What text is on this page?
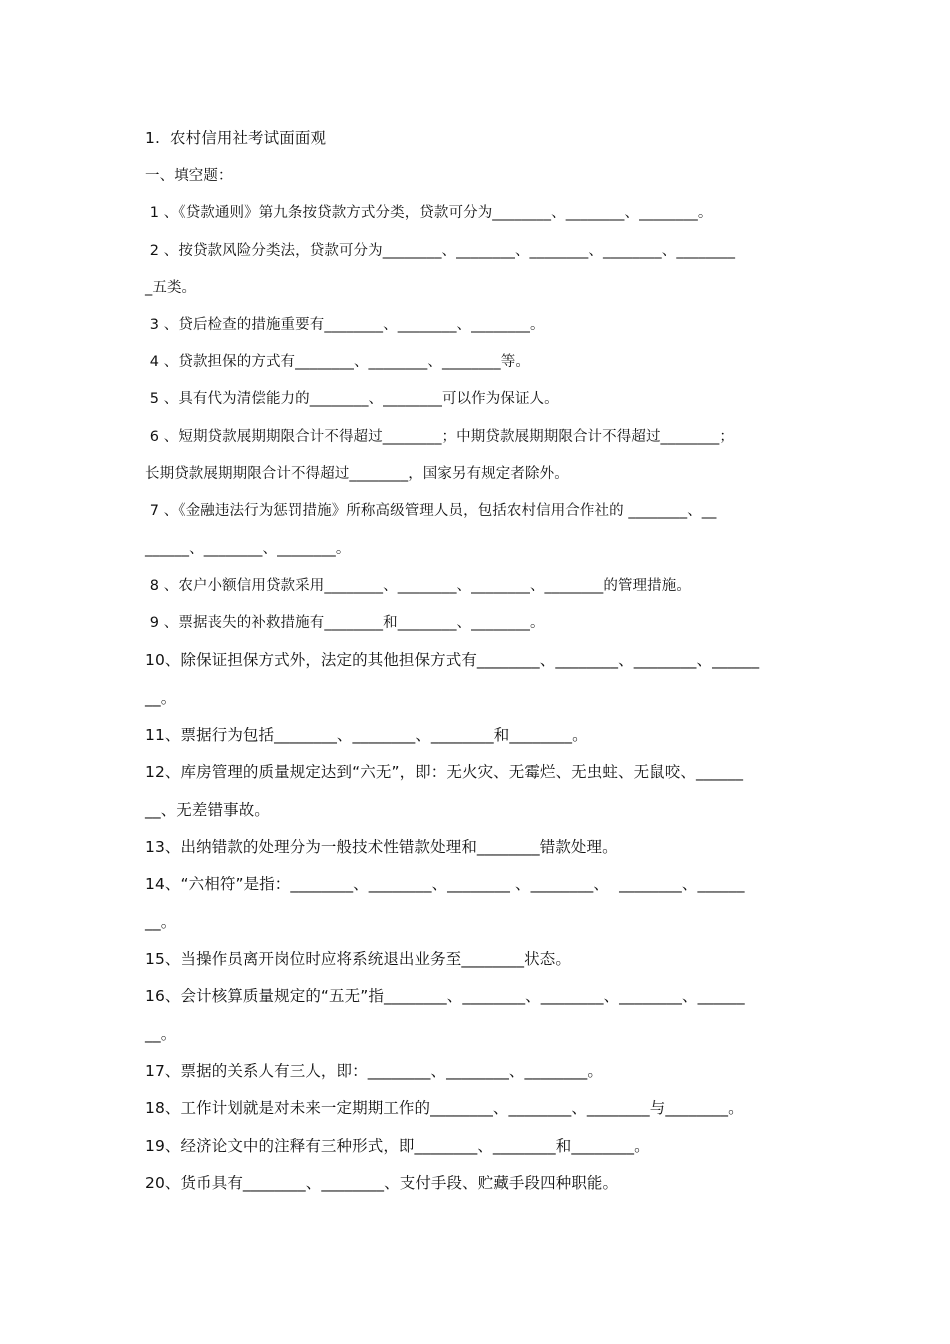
1.  农村信用社考试面面观
一、填空题：
1 、《贷款通则》第九条按贷款方式分类，贷款可分为________、________、________。
2 、按贷款风险分类法，贷款可分为________、________、________、________、________
_五类。
3 、贷后检查的措施重要有________、________、________。
4 、贷款担保的方式有________、________、________等。
5 、具有代为清偿能力的________、________可以作为保证人。
6 、短期贷款展期期限合计不得超过________；中期贷款展期期限合计不得超过________；
长期贷款展期期限合计不得超过________，国家另有规定者除外。
7 、《金融违法行为惩罚措施》所称高级管理人员，包括农村信用合作社的 ________、__
______、________、________。
8 、农户小额信用贷款采用________、________、________、________的管理措施。
9 、票据丧失的补救措施有________和________、________。
10、除保证担保方式外，法定的其他担保方式有________、________、________、______
__。
11、票据行为包括________、________、________和________。
12、库房管理的质量规定达到“六无”，即：无火灾、无霉烂、无虫蛀、无鼠咬、______
__、无差错事故。
13、出纳错款的处理分为一般技术性错款处理和________错款处理。
14、“六相符”是指：________、________、________ 、________、  ________、______
__。
15、当操作员离开岗位时应将系统退出业务至________状态。
16、会计核算质量规定的“五无”指________、________、________、________、______
__。
17、票据的关系人有三人，即：________、________、________。
18、工作计划就是对未来一定期期工作的________、________、________与________。
19、经济论文中的注释有三种形式，即________、________和________。
20、货币具有________、________、支付手段、贮藏手段四种职能。
